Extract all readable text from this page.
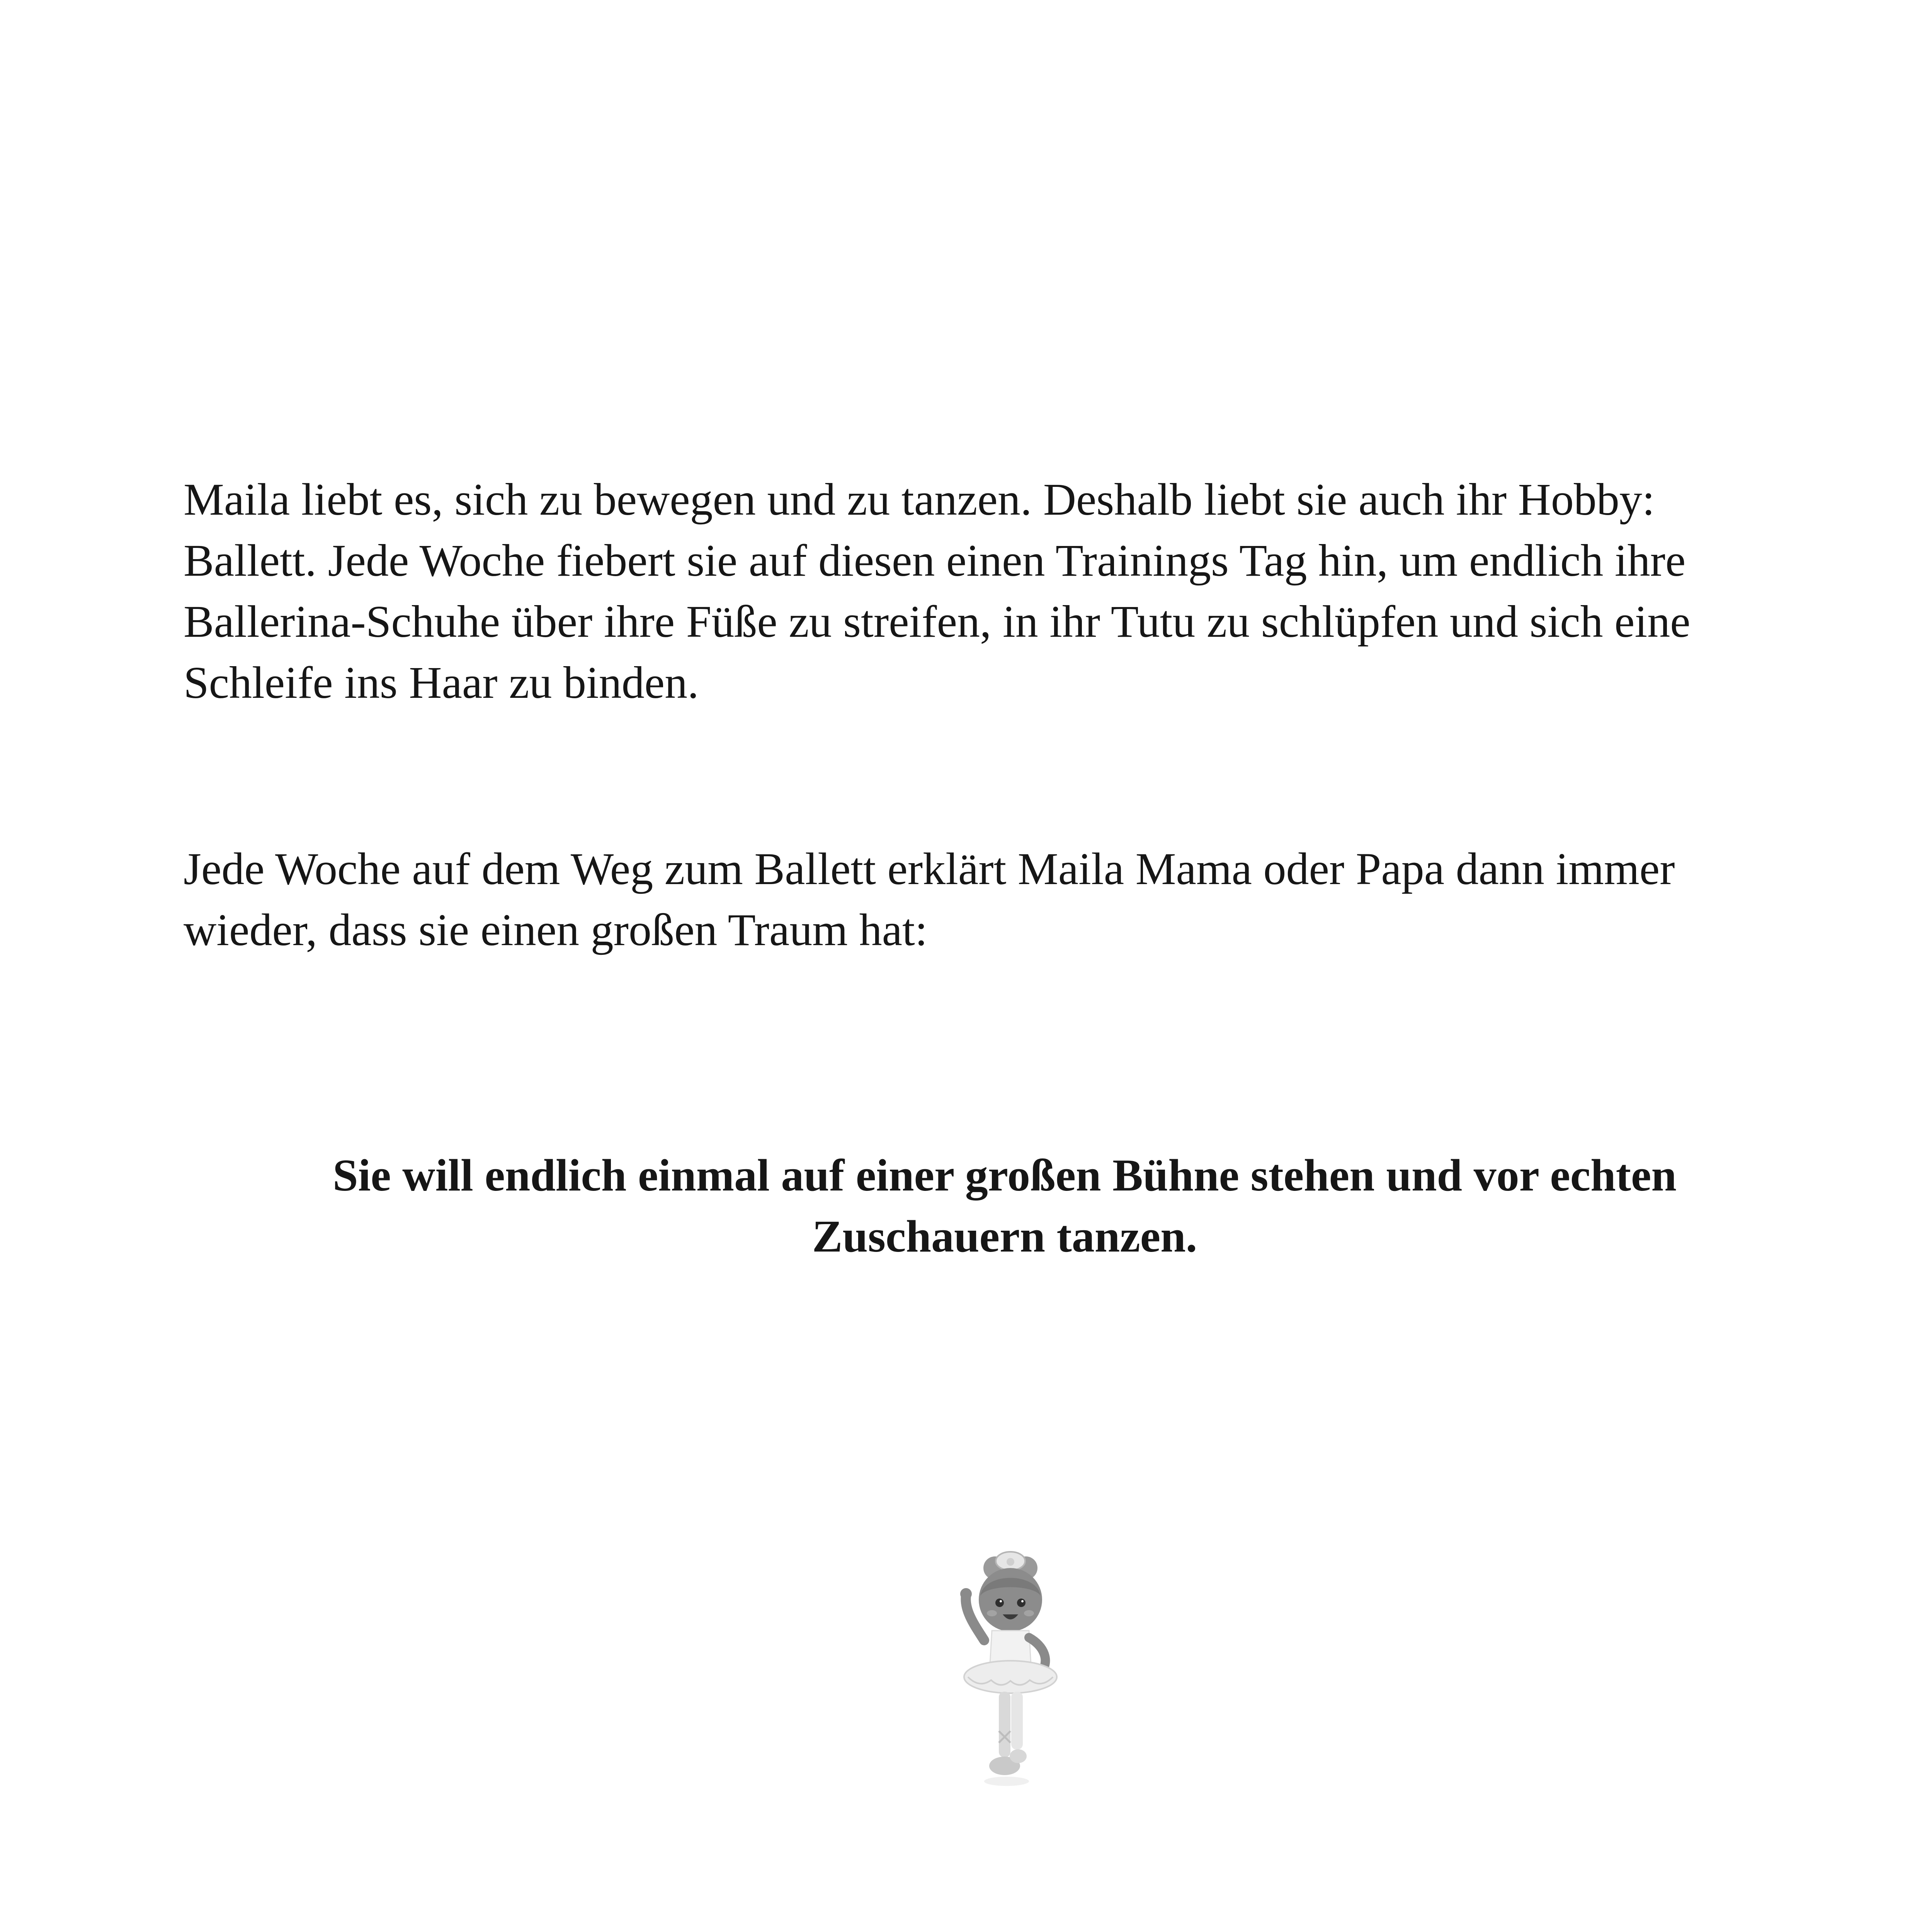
Maila liebt es, sich zu bewegen und zu tanzen. Deshalb liebt sie auch ihr Hobby:
Ballett. Jede Woche fiebert sie auf diesen einen Trainings Tag hin, um endlich ihre
Ballerina-Schuhe über ihre Füße zu streifen, in ihr Tutu zu schlüpfen und sich eine
Schleife ins Haar zu binden.

Jede Woche auf dem Weg zum Ballett erklärt Maila Mama oder Papa dann immer
wieder, dass sie einen großen Traum hat:

Sie will endlich einmal auf einer großen Bühne stehen und vor echten
Zuschauern tanzen.
